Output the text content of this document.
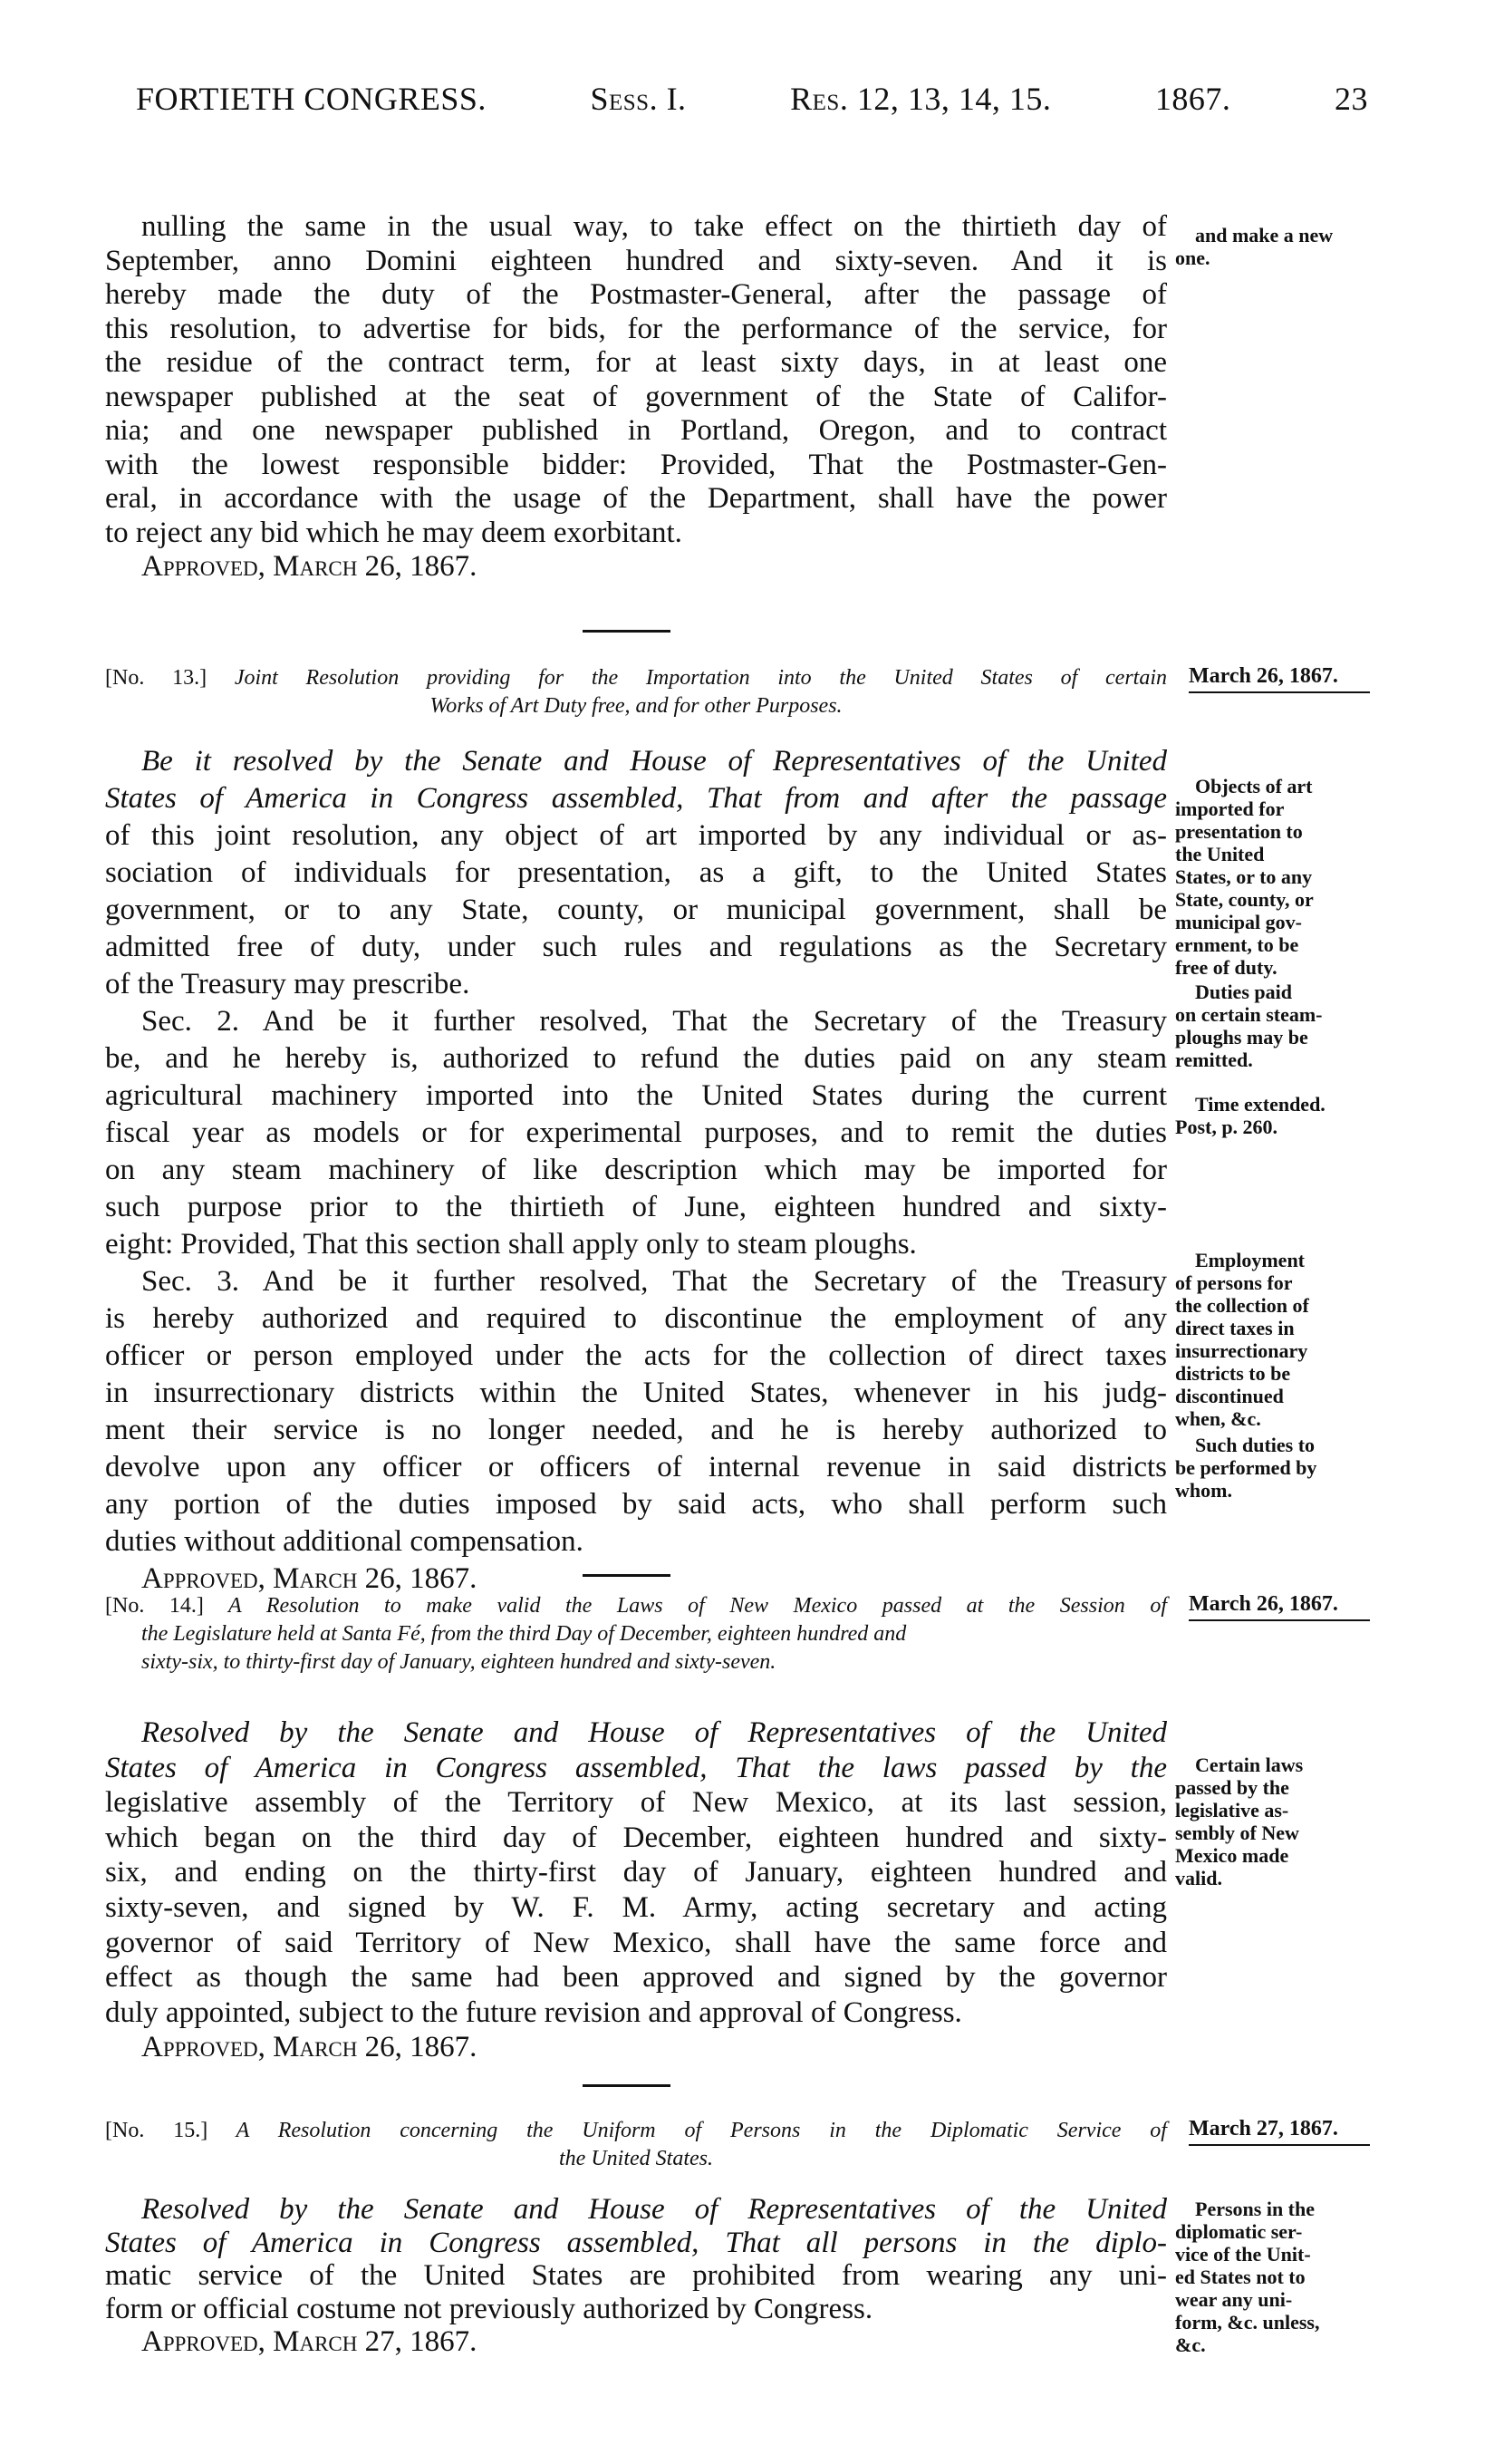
FORTIETH CONGRESS.	Sess. I.	Res. 12, 13, 14, 15.	1867.	23
nulling the same in the usual way, to take effect on the thirtieth day of
September, anno Domini eighteen hundred and sixty-seven. And it is
hereby made the duty of the Postmaster-General, after the passage of
this resolution, to advertise for bids, for the performance of the service, for
the residue of the contract term, for at least sixty days, in at least one
newspaper published at the seat of government of the State of Califor-
nia; and one newspaper published in Portland, Oregon, and to contract
with the lowest responsible bidder: Provided, That the Postmaster-Gen-
eral, in accordance with the usage of the Department, shall have the power
to reject any bid which he may deem exorbitant.
Approved, March 26, 1867.
and make a new
one.
[No. 13.] Joint Resolution providing for the Importation into the United States of certain
Works of Art Duty free, and for other Purposes.
March 26, 1867.
Be it resolved by the Senate and House of Representatives of the United
States of America in Congress assembled, That from and after the passage
of this joint resolution, any object of art imported by any individual or as-
sociation of individuals for presentation, as a gift, to the United States
government, or to any State, county, or municipal government, shall be
admitted free of duty, under such rules and regulations as the Secretary
of the Treasury may prescribe.
Sec. 2. And be it further resolved, That the Secretary of the Treasury
be, and he hereby is, authorized to refund the duties paid on any steam
agricultural machinery imported into the United States during the current
fiscal year as models or for experimental purposes, and to remit the duties
on any steam machinery of like description which may be imported for
such purpose prior to the thirtieth of June, eighteen hundred and sixty-
eight: Provided, That this section shall apply only to steam ploughs.
Sec. 3. And be it further resolved, That the Secretary of the Treasury
is hereby authorized and required to discontinue the employment of any
officer or person employed under the acts for the collection of direct taxes
in insurrectionary districts within the United States, whenever in his judg-
ment their service is no longer needed, and he is hereby authorized to
devolve upon any officer or officers of internal revenue in said districts
any portion of the duties imposed by said acts, who shall perform such
duties without additional compensation.
Approved, March 26, 1867.
Objects of art
imported for
presentation to
the United
States, or to any
State, county, or
municipal gov-
ernment, to be
free of duty.
Duties paid
on certain steam-
ploughs may be
remitted.
Time extended.
Post, p. 260.
Employment
of persons for
the collection of
direct taxes in
insurrectionary
districts to be
discontinued
when, &c.
Such duties to
be performed by
whom.
[No. 14.] A Resolution to make valid the Laws of New Mexico passed at the Session of
the Legislature held at Santa Fé, from the third Day of December, eighteen hundred and
sixty-six, to thirty-first day of January, eighteen hundred and sixty-seven.
March 26, 1867.
Resolved by the Senate and House of Representatives of the United
States of America in Congress assembled, That the laws passed by the
legislative assembly of the Territory of New Mexico, at its last session,
which began on the third day of December, eighteen hundred and sixty-
six, and ending on the thirty-first day of January, eighteen hundred and
sixty-seven, and signed by W. F. M. Army, acting secretary and acting
governor of said Territory of New Mexico, shall have the same force and
effect as though the same had been approved and signed by the governor
duly appointed, subject to the future revision and approval of Congress.
Approved, March 26, 1867.
Certain laws
passed by the
legislative as-
sembly of New
Mexico made
valid.
[No. 15.] A Resolution concerning the Uniform of Persons in the Diplomatic Service of
the United States.
March 27, 1867.
Resolved by the Senate and House of Representatives of the United
States of America in Congress assembled, That all persons in the diplo-
matic service of the United States are prohibited from wearing any uni-
form or official costume not previously authorized by Congress.
Approved, March 27, 1867.
Persons in the
diplomatic ser-
vice of the Unit-
ed States not to
wear any uni-
form, &c. unless,
&c.
